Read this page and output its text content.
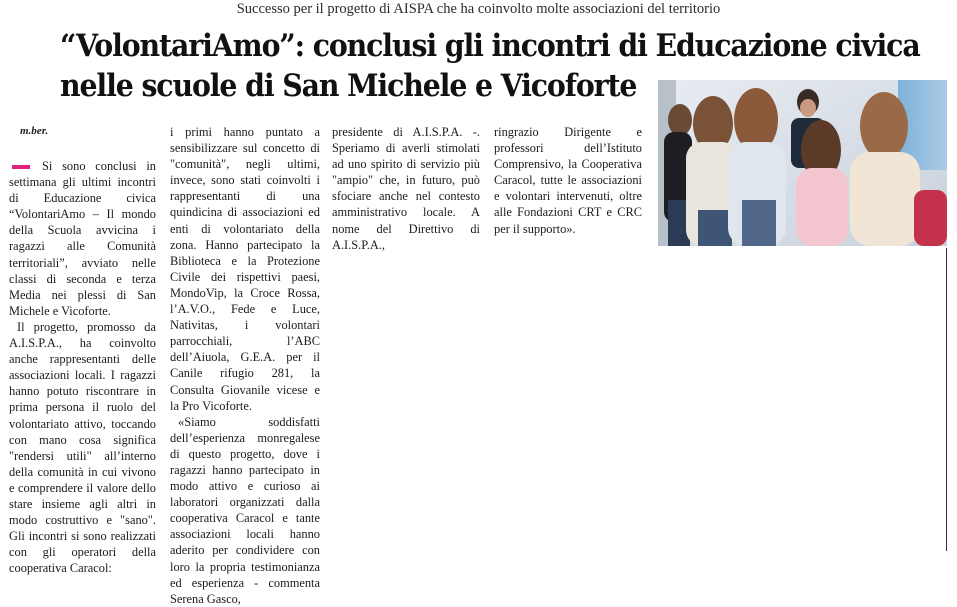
Successo per il progetto di AISPA che ha coinvolto molte associazioni del territorio
“VolontariAmo”: conclusi gli incontri di Educazione civica
nelle scuole di San Michele e Vicoforte
m.ber.

Si sono conclusi in settimana gli ultimi incontri di Educazione civica “VolontariAmo – Il mondo della Scuola avvicina i ragazzi alle Comunità territoriali”, avviato nelle classi di seconda e terza Media nei plessi di San Michele e Vicoforte.

Il progetto, promosso da A.I.S.P.A., ha coinvolto anche rappresentanti delle associazioni locali. I ragazzi hanno potuto riscontrare in prima persona il ruolo del volontariato attivo, toccando con mano cosa significa "rendersi utili" all’interno della comunità in cui vivono e comprendere il valore dello stare insieme agli altri in modo costruttivo e "sano". Gli incontri si sono realizzati con gli operatori della cooperativa Caracol:

i primi hanno puntato a sensibilizzare sul concetto di "comunità", negli ultimi, invece, sono stati coinvolti i rappresentanti di una quindicina di associazioni ed enti di volontariato della zona. Hanno partecipato la Biblioteca e la Protezione Civile dei rispettivi paesi, MondoVip, la Croce Rossa, l’A.V.O., Fede e Luce, Nativitas, i volontari parrocchiali, l’ABC dell’Aiuola, G.E.A. per il Canile rifugio 281, la Consulta Giovanile vicese e la Pro Vicoforte.

«Siamo soddisfatti dell’esperienza monregalese di questo progetto, dove i ragazzi hanno partecipato in modo attivo e curioso ai laboratori organizzati dalla cooperativa Caracol e tante associazioni locali hanno aderito per condividere con loro la propria testimonianza ed esperienza - commenta Serena Gasco,

presidente di A.I.S.P.A. -. Speriamo di averli stimolati ad uno spirito di servizio più "ampio" che, in futuro, può sfociare anche nel contesto amministrativo locale. A nome del Direttivo di A.I.S.P.A.,

ringrazio Dirigente e professori dell’Istituto Comprensivo, la Cooperativa Caracol, tutte le associazioni e volontari intervenuti, oltre alle Fondazioni CRT e CRC per il supporto».
